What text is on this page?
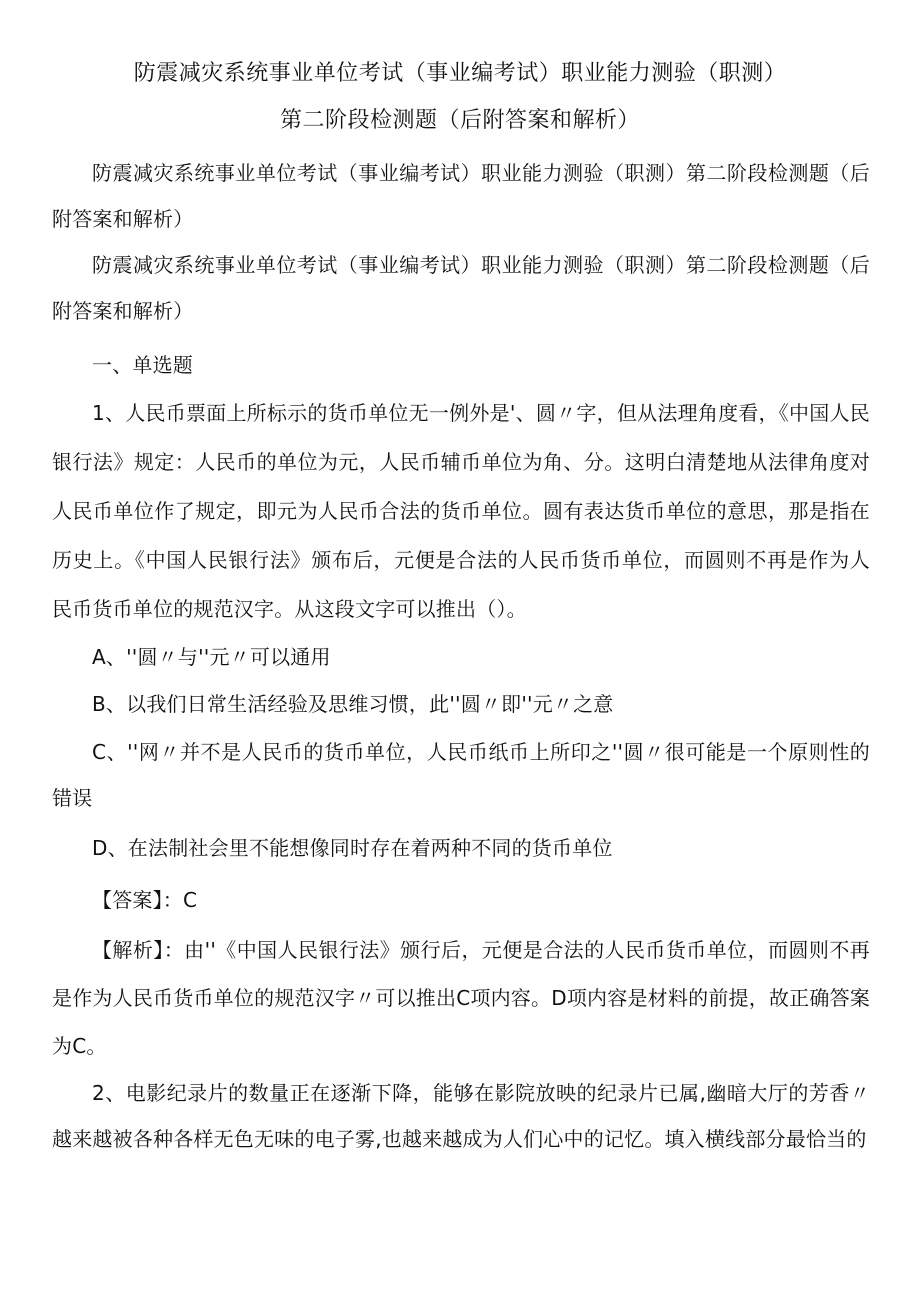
防震减灾系统事业单位考试（事业编考试）职业能力测验（职测）
第二阶段检测题（后附答案和解析）

防震减灾系统事业单位考试（事业编考试）职业能力测验（职测）第二阶段检测题（后附答案和解析）

防震减灾系统事业单位考试（事业编考试）职业能力测验（职测）第二阶段检测题（后附答案和解析）

一、单选题

1、人民币票面上所标示的货币单位无一例外是'、圆〃字，但从法理角度看，《中国人民银行法》规定：人民币的单位为元，人民币辅币单位为角、分。这明白清楚地从法律角度对人民币单位作了规定，即元为人民币合法的货币单位。圆有表达货币单位的意思，那是指在历史上。《中国人民银行法》颁布后，元便是合法的人民币货币单位，而圆则不再是作为人民币货币单位的规范汉字。从这段文字可以推出（）。

A、''圆〃与''元〃可以通用

B、以我们日常生活经验及思维习惯，此''圆〃即''元〃之意

C、''网〃并不是人民币的货币单位，人民币纸币上所印之''圆〃很可能是一个原则性的错误

D、在法制社会里不能想像同时存在着两种不同的货币单位

【答案】：C

【解析】：由''《中国人民银行法》颁行后，元便是合法的人民币货币单位，而圆则不再是作为人民币货币单位的规范汉字〃可以推出C项内容。D项内容是材料的前提，故正确答案为C。

2、电影纪录片的数量正在逐渐下降，能够在影院放映的纪录片已属,幽暗大厅的芳香〃越来越被各种各样无色无味的电子雾,也越来越成为人们心中的记忆。填入横线部分最恰当的
